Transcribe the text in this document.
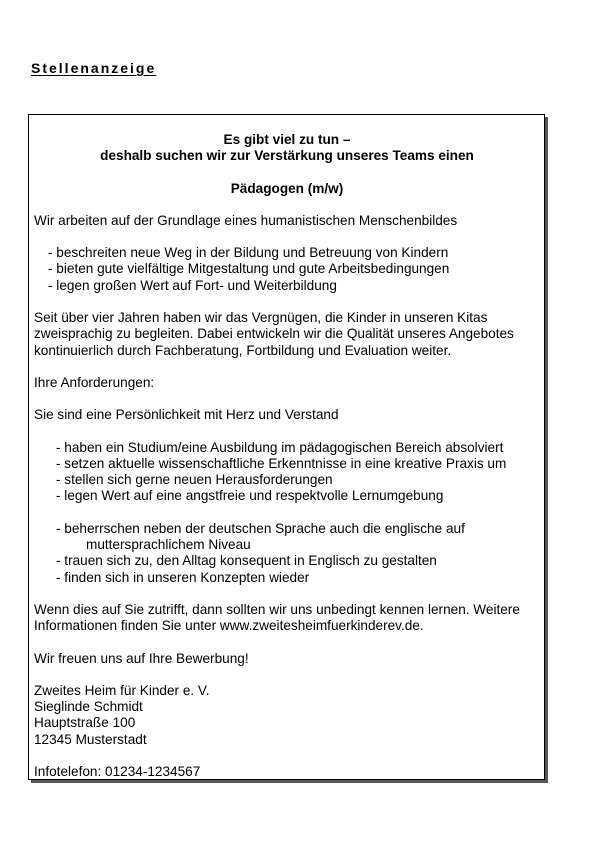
Stellenanzeige

Es gibt viel zu tun –

deshalb suchen wir zur Verstärkung unseres Teams einen

Pädagogen (m/w)

Wir arbeiten auf der Grundlage eines humanistischen Menschenbildes

- beschreiten neue Weg in der Bildung und Betreuung von Kindern
- bieten gute vielfältige Mitgestaltung und gute Arbeitsbedingungen
- legen großen Wert auf Fort- und Weiterbildung

Seit über vier Jahren haben wir das Vergnügen, die Kinder in unseren Kitas zweisprachig zu begleiten. Dabei entwickeln wir die Qualität unseres Angebotes kontinuierlich durch Fachberatung, Fortbildung und Evaluation weiter.

Ihre Anforderungen:

Sie sind eine Persönlichkeit mit Herz und Verstand

- haben ein Studium/eine Ausbildung im pädagogischen Bereich absolviert
- setzen aktuelle wissenschaftliche Erkenntnisse in eine kreative Praxis um
- stellen sich gerne neuen Herausforderungen
- legen Wert auf eine angstfreie und respektvolle Lernumgebung
- beherrschen neben der deutschen Sprache auch die englische auf

muttersprachlichem Niveau
- trauen sich zu, den Alltag konsequent in Englisch zu gestalten
- finden sich in unseren Konzepten wieder

Wenn dies auf Sie zutrifft, dann sollten wir uns unbedingt kennen lernen. Weitere Informationen finden Sie unter www.zweitesheimfuerkinderev.de.

Wir freuen uns auf Ihre Bewerbung!

Zweites Heim für Kinder e. V.

Sieglinde Schmidt

Hauptstraße 100

12345 Musterstadt

Infotelefon: 01234-1234567
